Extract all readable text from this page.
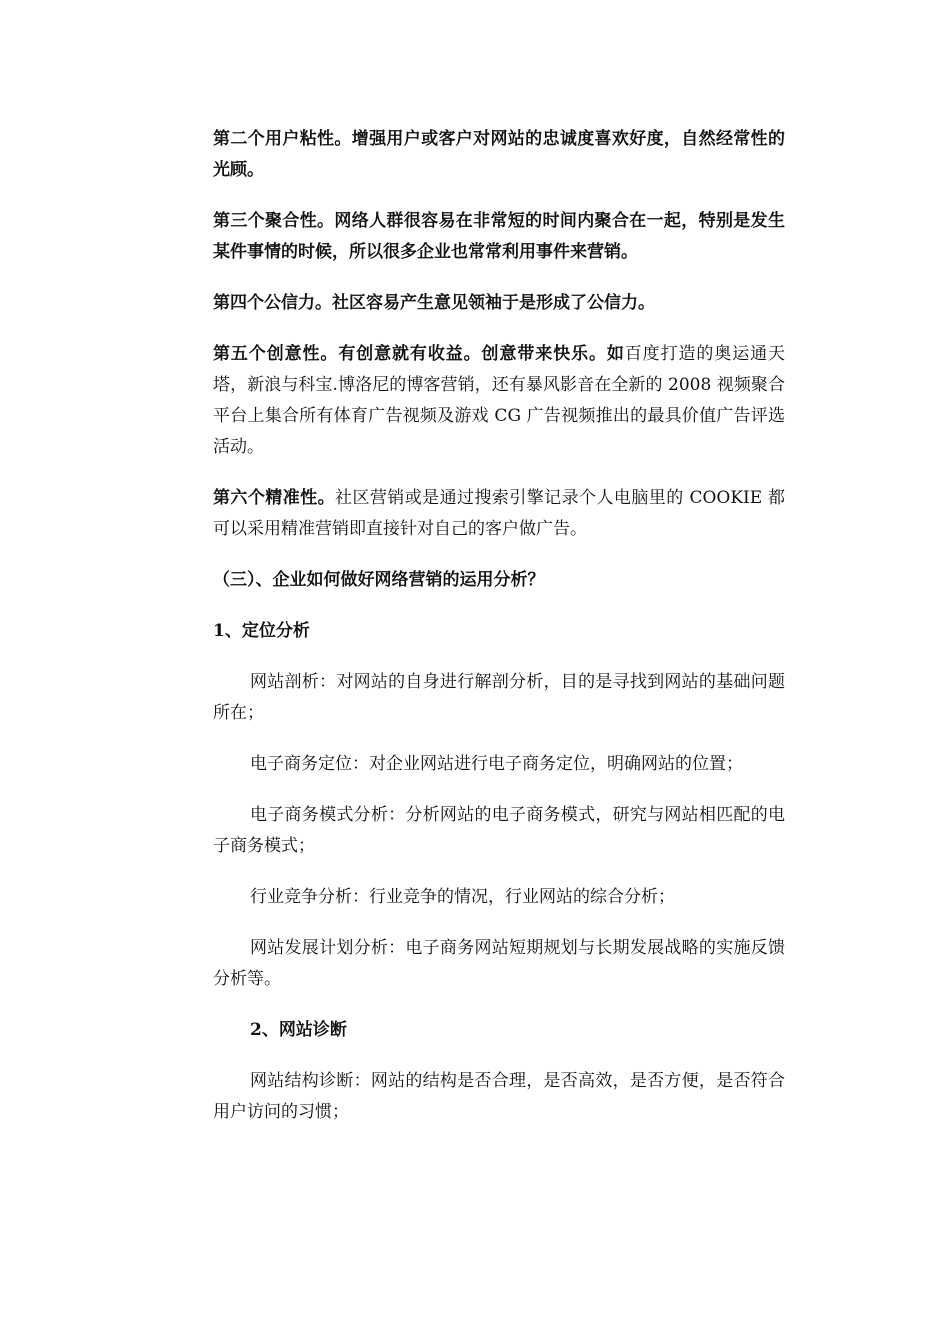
第二个用户粘性。增强用户或客户对网站的忠诚度喜欢好度，自然经常性的光顾。

第三个聚合性。网络人群很容易在非常短的时间内聚合在一起，特别是发生某件事情的时候，所以很多企业也常常利用事件来营销。

第四个公信力。社区容易产生意见领袖于是形成了公信力。

第五个创意性。有创意就有收益。创意带来快乐。如百度打造的奥运通天塔，新浪与科宝.博洛尼的博客营销，还有暴风影音在全新的 2008 视频聚合平台上集合所有体育广告视频及游戏 CG 广告视频推出的最具价值广告评选活动。

第六个精准性。社区营销或是通过搜索引擎记录个人电脑里的 COOKIE 都可以采用精准营销即直接针对自己的客户做广告。

（三）、企业如何做好网络营销的运用分析？

1、定位分析

网站剖析：对网站的自身进行解剖分析，目的是寻找到网站的基础问题所在；

电子商务定位：对企业网站进行电子商务定位，明确网站的位置；

电子商务模式分析：分析网站的电子商务模式，研究与网站相匹配的电子商务模式；

行业竞争分析：行业竞争的情况，行业网站的综合分析；

网站发展计划分析：电子商务网站短期规划与长期发展战略的实施反馈分析等。

2、网站诊断

网站结构诊断：网站的结构是否合理，是否高效，是否方便，是否符合用户访问的习惯；
